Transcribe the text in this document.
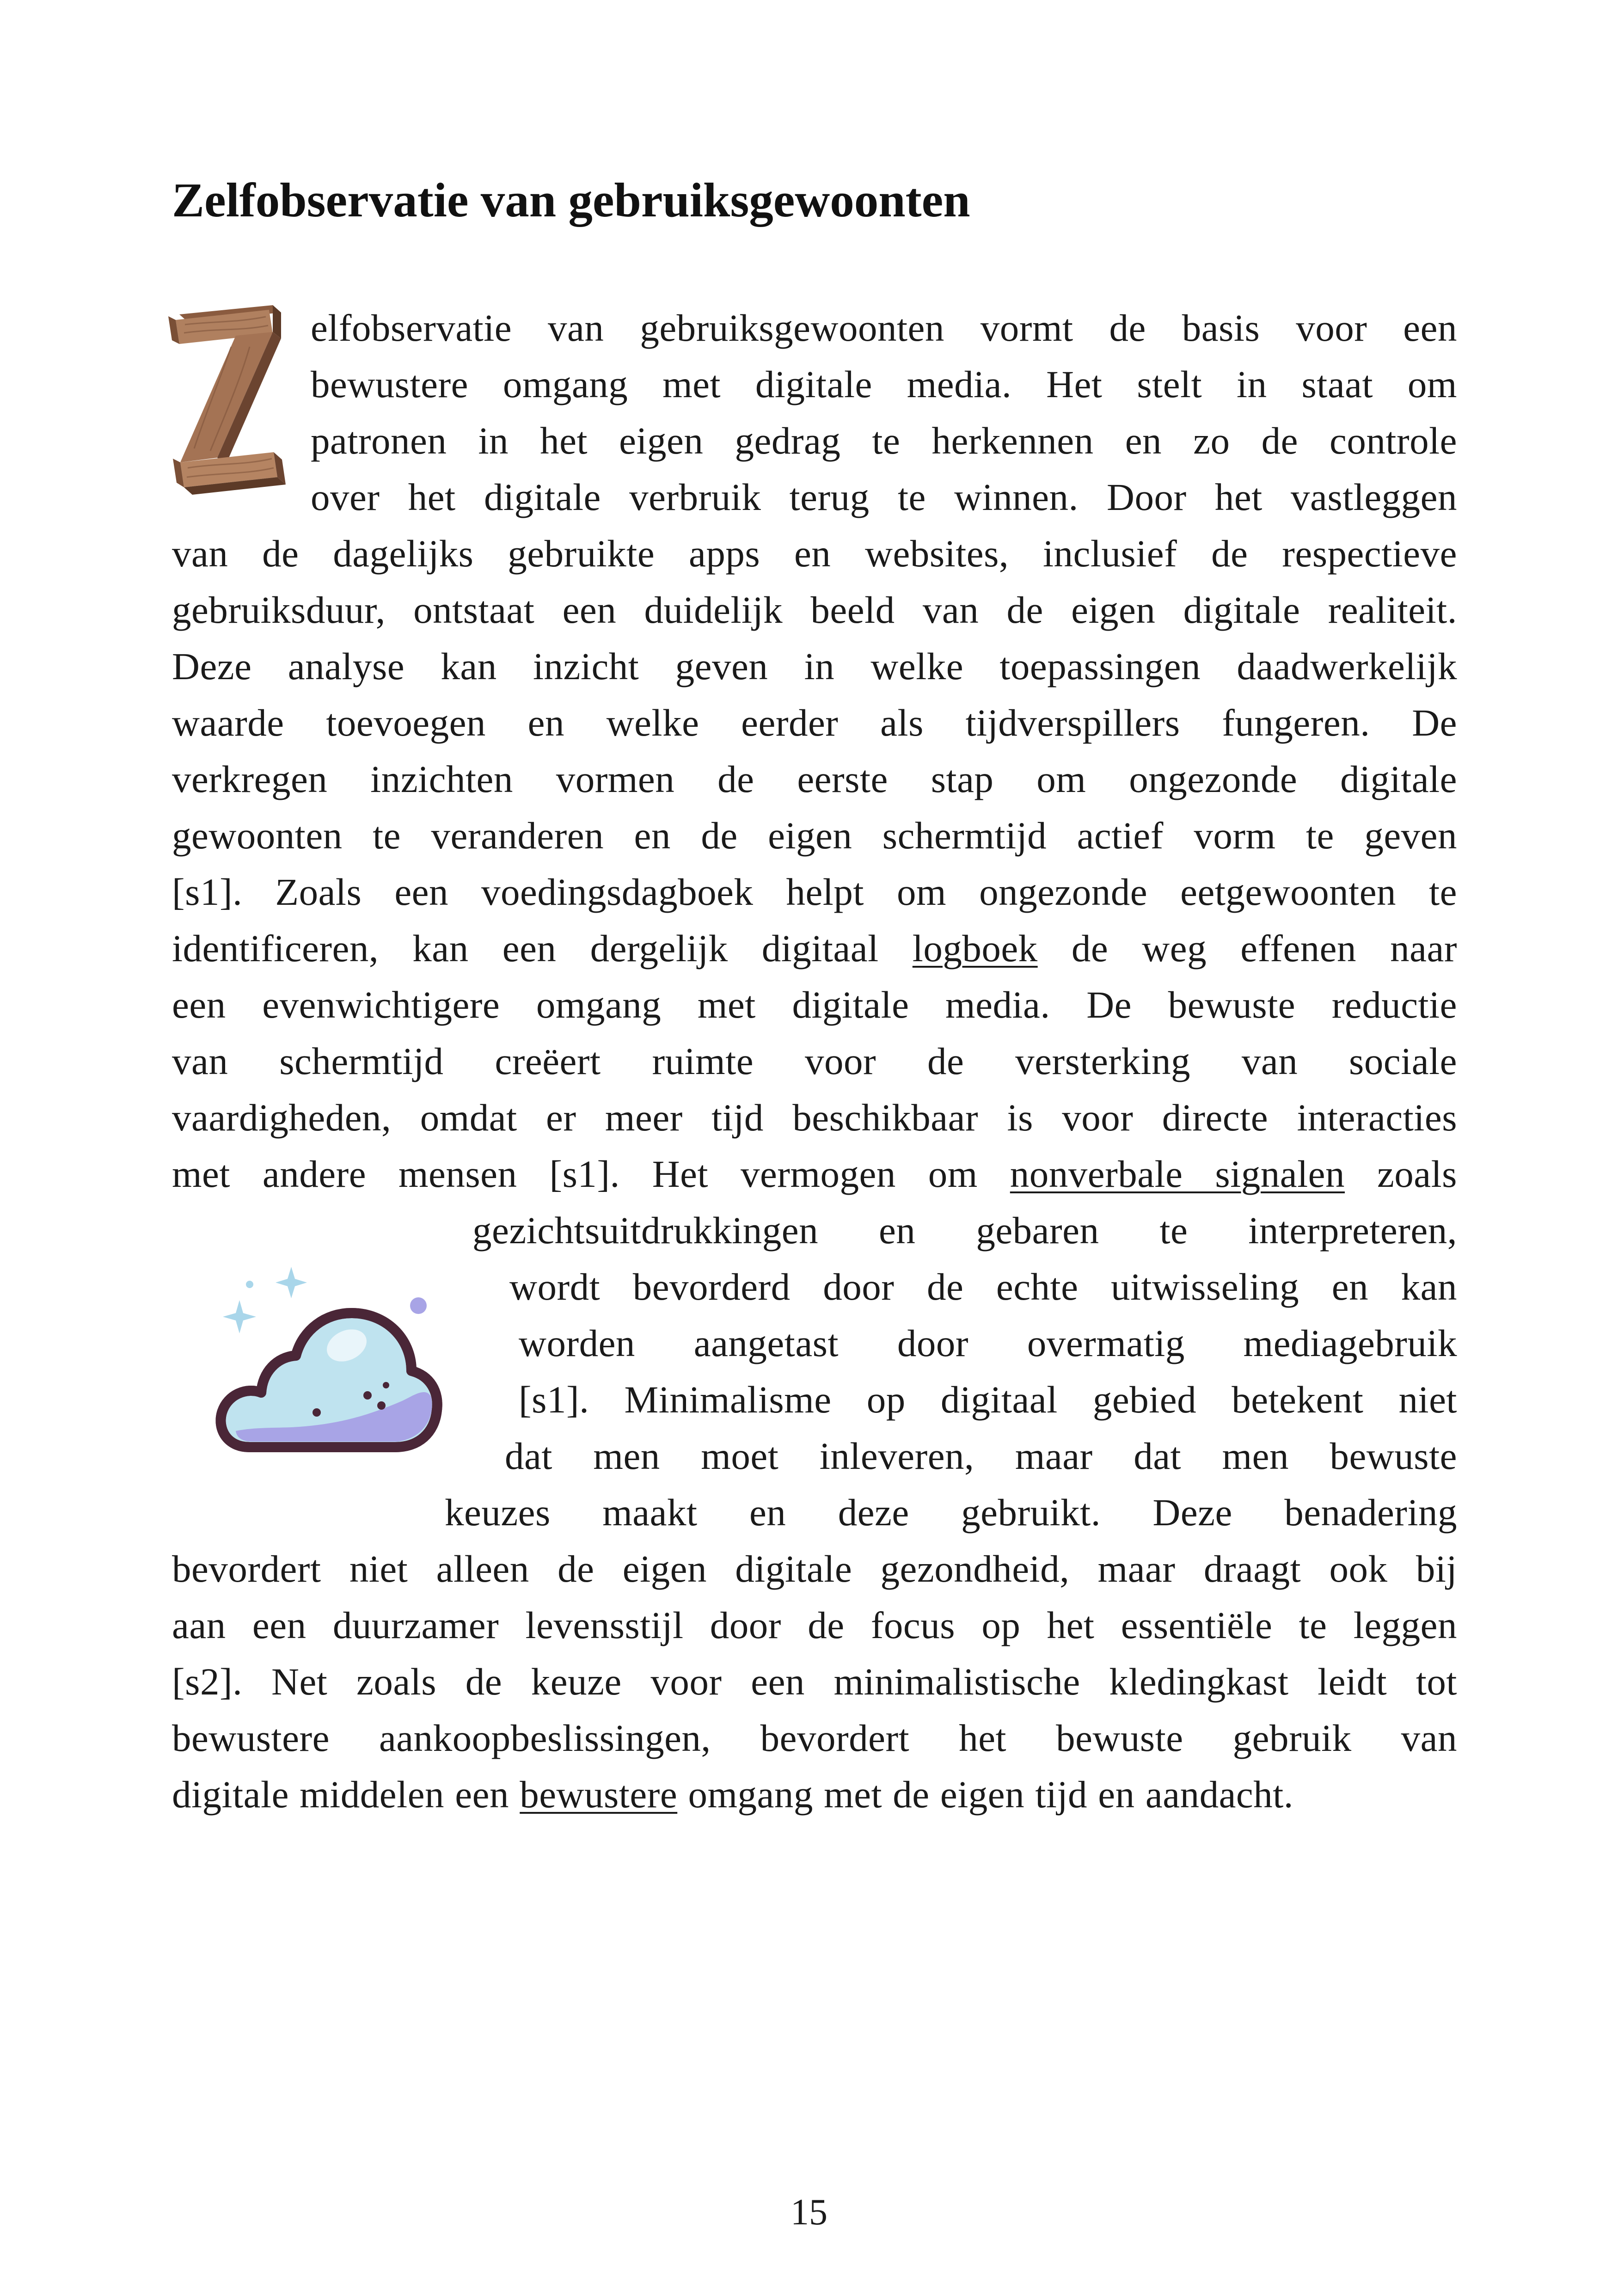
Zelfobservatie van gebruiksgewoonten
elfobservatie van gebruiksgewoonten vormt de basis voor een
bewustere omgang met digitale media. Het stelt in staat om
patronen in het eigen gedrag te herkennen en zo de controle
over het digitale verbruik terug te winnen. Door het vastleggen
van de dagelijks gebruikte apps en websites, inclusief de respectieve
gebruiksduur, ontstaat een duidelijk beeld van de eigen digitale realiteit.
Deze analyse kan inzicht geven in welke toepassingen daadwerkelijk
waarde toevoegen en welke eerder als tijdverspillers fungeren. De
verkregen inzichten vormen de eerste stap om ongezonde digitale
gewoonten te veranderen en de eigen schermtijd actief vorm te geven
[s1]. Zoals een voedingsdagboek helpt om ongezonde eetgewoonten te
identificeren, kan een dergelijk digitaal logboek de weg effenen naar
een evenwichtigere omgang met digitale media. De bewuste reductie
van schermtijd creëert ruimte voor de versterking van sociale
vaardigheden, omdat er meer tijd beschikbaar is voor directe interacties
met andere mensen [s1]. Het vermogen om nonverbale signalen zoals
gezichtsuitdrukkingen en gebaren te interpreteren,
wordt bevorderd door de echte uitwisseling en kan
worden aangetast door overmatig mediagebruik
[s1]. Minimalisme op digitaal gebied betekent niet
dat men moet inleveren, maar dat men bewuste
keuzes maakt en deze gebruikt. Deze benadering
bevordert niet alleen de eigen digitale gezondheid, maar draagt ook bij
aan een duurzamer levensstijl door de focus op het essentiële te leggen
[s2]. Net zoals de keuze voor een minimalistische kledingkast leidt tot
bewustere aankoopbeslissingen, bevordert het bewuste gebruik van
digitale middelen een bewustere omgang met de eigen tijd en aandacht.
15
